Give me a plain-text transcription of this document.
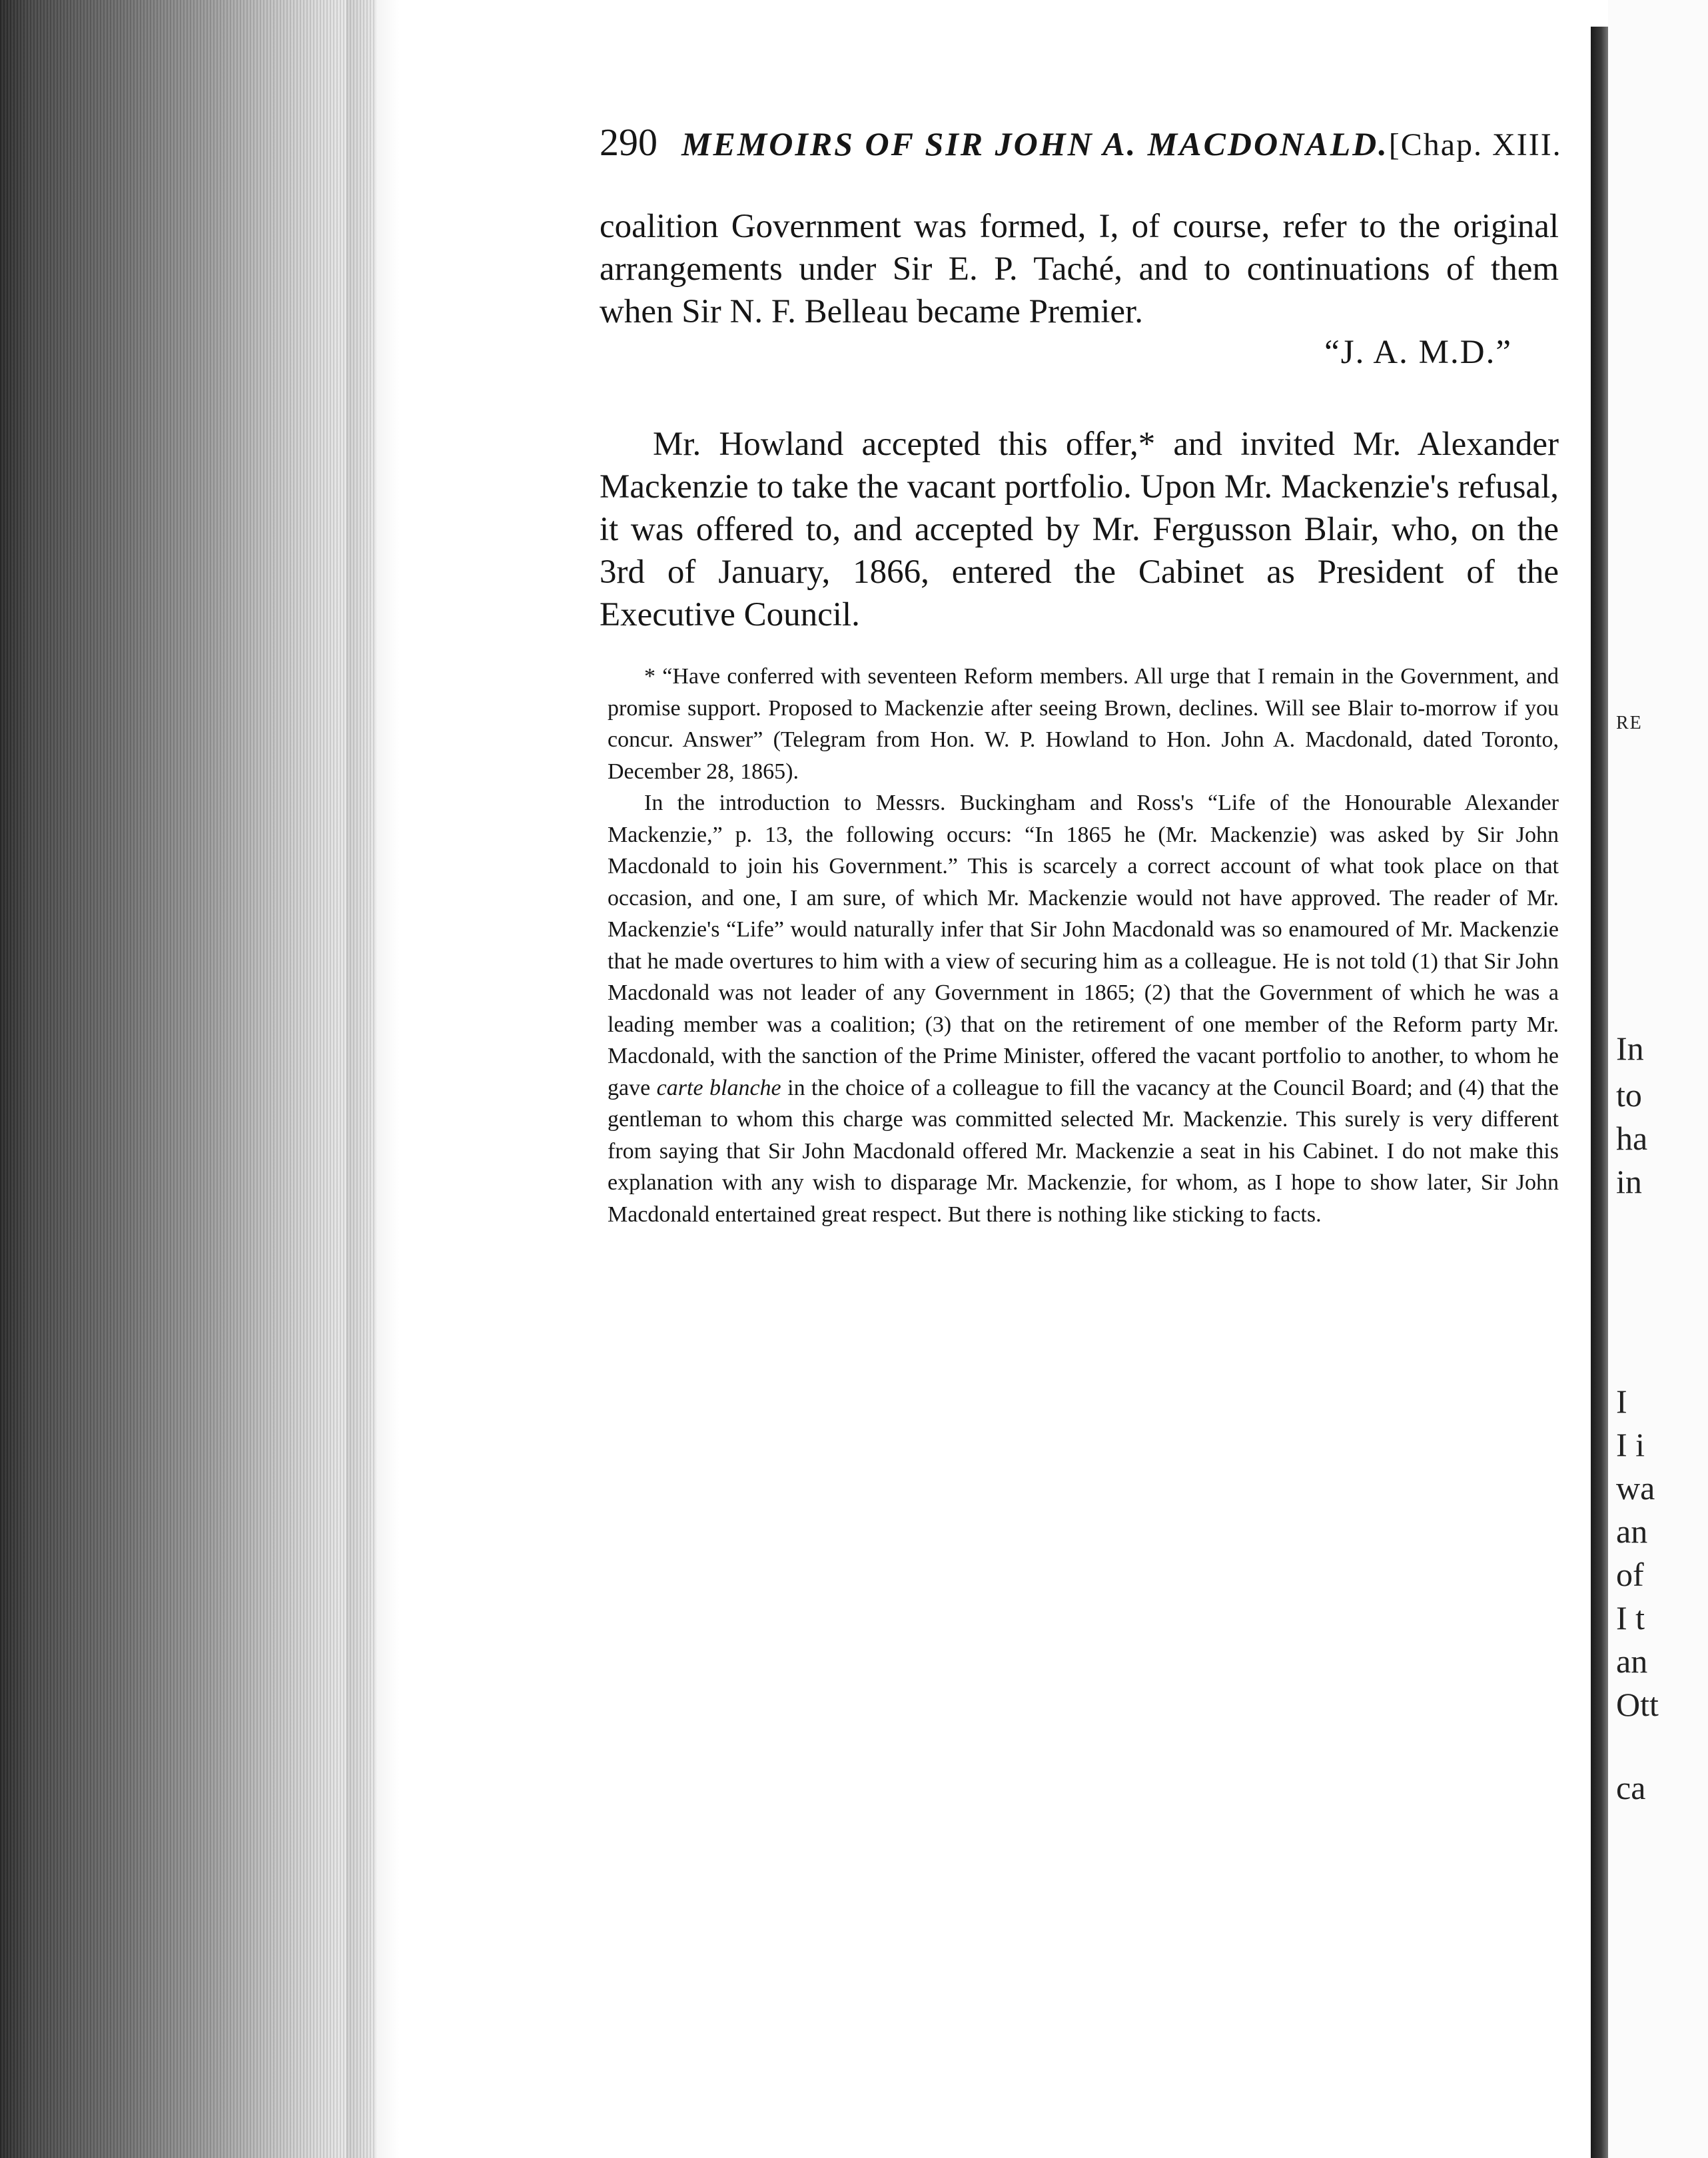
RE
In
to
ha
in
I
I i
wa
an
of
I t
an
Ott
ca
290 MEMOIRS OF SIR JOHN A. MACDONALD. [Chap. XIII.
coalition Government was formed, I, of course, refer to the original arrangements under Sir E. P. Taché, and to continuations of them when Sir N. F. Belleau became Premier.
“J. A. M.D.”
Mr. Howland accepted this offer,* and invited Mr. Alexander Mackenzie to take the vacant portfolio. Upon Mr. Mackenzie's refusal, it was offered to, and accepted by Mr. Fergusson Blair, who, on the 3rd of January, 1866, entered the Cabinet as President of the Executive Council.

* “Have conferred with seventeen Reform members. All urge that I remain in the Government, and promise support. Proposed to Mackenzie after seeing Brown, declines. Will see Blair to-morrow if you concur. Answer” (Telegram from Hon. W. P. Howland to Hon. John A. Macdonald, dated Toronto, December 28, 1865).

In the introduction to Messrs. Buckingham and Ross's “Life of the Honourable Alexander Mackenzie,” p. 13, the following occurs: “In 1865 he (Mr. Mackenzie) was asked by Sir John Macdonald to join his Government.” This is scarcely a correct account of what took place on that occasion, and one, I am sure, of which Mr. Mackenzie would not have approved. The reader of Mr. Mackenzie's “Life” would naturally infer that Sir John Macdonald was so enamoured of Mr. Mackenzie that he made overtures to him with a view of securing him as a colleague. He is not told (1) that Sir John Macdonald was not leader of any Government in 1865; (2) that the Government of which he was a leading member was a coalition; (3) that on the retirement of one member of the Reform party Mr. Macdonald, with the sanction of the Prime Minister, offered the vacant portfolio to another, to whom he gave carte blanche in the choice of a colleague to fill the vacancy at the Council Board; and (4) that the gentleman to whom this charge was committed selected Mr. Mackenzie. This surely is very different from saying that Sir John Macdonald offered Mr. Mackenzie a seat in his Cabinet. I do not make this explanation with any wish to disparage Mr. Mackenzie, for whom, as I hope to show later, Sir John Macdonald entertained great respect. But there is nothing like sticking to facts.
